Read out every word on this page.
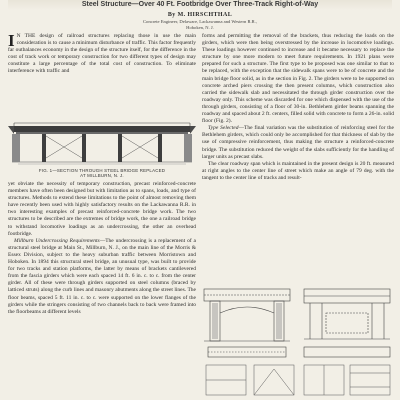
Steel Structure—Over 40 Ft. Footbridge Over Three-Track Right-of-Way
By M. HIRSCHTHAL
Concrete Engineer, Delaware, Lackawanna and Western R.R.,
Hoboken, N. J.

I N THE design of railroad structures replacing those in use the main consideration is to cause a minimum disturbance of traffic. This factor frequently far outbalances economy in the design of the structure itself, for the difference in the cost of track work or temporary construction for two different types of design may constitute a large percentage of the total cost of construction. To eliminate interference with traffic and

FIG. 1—SECTION THROUGH STEEL BRIDGE REPLACED
AT MILLBURN, N. J.

yet obviate the necessity of temporary construction, precast reinforced-concrete members have often been designed but with limitation as to spans, loads, and type of structures. Methods to extend these limitations to the point of almost removing them have recently been used with highly satisfactory results on the Lackawanna R.R. in two interesting examples of precast reinforced-concrete bridge work. The two structures to be described are the extremes of bridge work, the one a railroad bridge to withstand locomotive loadings as an undercrossing, the other an overhead footbridge.

Millburn Undercrossing Requirements—The undercrossing is a replacement of a structural steel bridge at Main St., Millburn, N. J., on the main line of the Morris & Essex Division, subject to the heavy suburban traffic between Morristown and Hoboken. In 1894 this structural steel bridge, an unusual type, was built to provide for two tracks and station platforms, the latter by means of brackets cantilevered from the fascia girders which were each spaced 14 ft. 6 in. c. to c. from the center girder. All of these were through girders supported on steel columns (braced by latticed struts) along the curb lines and masonry abutments along the street lines. The floor beams, spaced 5 ft. 11 in. c. to c. were supported on the lower flanges of the girders while the stringers consisting of two channels back to back were framed into the floorbeams at different levels

forms and permitting the removal of the brackets, thus reducing the loads on the girders, which were then being overstressed by the increase in locomotive loadings. These loadings however continued to increase and it became necessary to replace the structure by one more modern to meet future requirements. In 1921 plans were prepared for such a structure. The first type to be proposed was one similar to that to be replaced, with the exception that the sidewalk spans were to be of concrete and the main bridge floor solid, as in the section in Fig. 2. The girders were to be supported on concrete arched piers crossing the then present columns, which construction also carried the sidewalk slab and necessitated the through girder construction over the roadway only. This scheme was discarded for one which dispensed with the use of the through girders, consisting of a floor of 30-in. Bethlehem girder beams spanning the roadway and spaced about 2 ft. centers, filled solid with concrete to form a 26-in. solid floor (Fig. 2).

Type Selected—The final variation was the substitution of reinforcing steel for the Bethlehem girders, which could only be accomplished for that thickness of slab by the use of compressive reinforcement, thus making the structure a reinforced-concrete bridge. The substitution reduced the weight of the slabs sufficiently for the handling of larger units as precast slabs.

The clear roadway span which is maintained in the present design is 20 ft. measured at right angles to the center line of street which make an angle of 79 deg. with the tangent to the center line of tracks and result-
